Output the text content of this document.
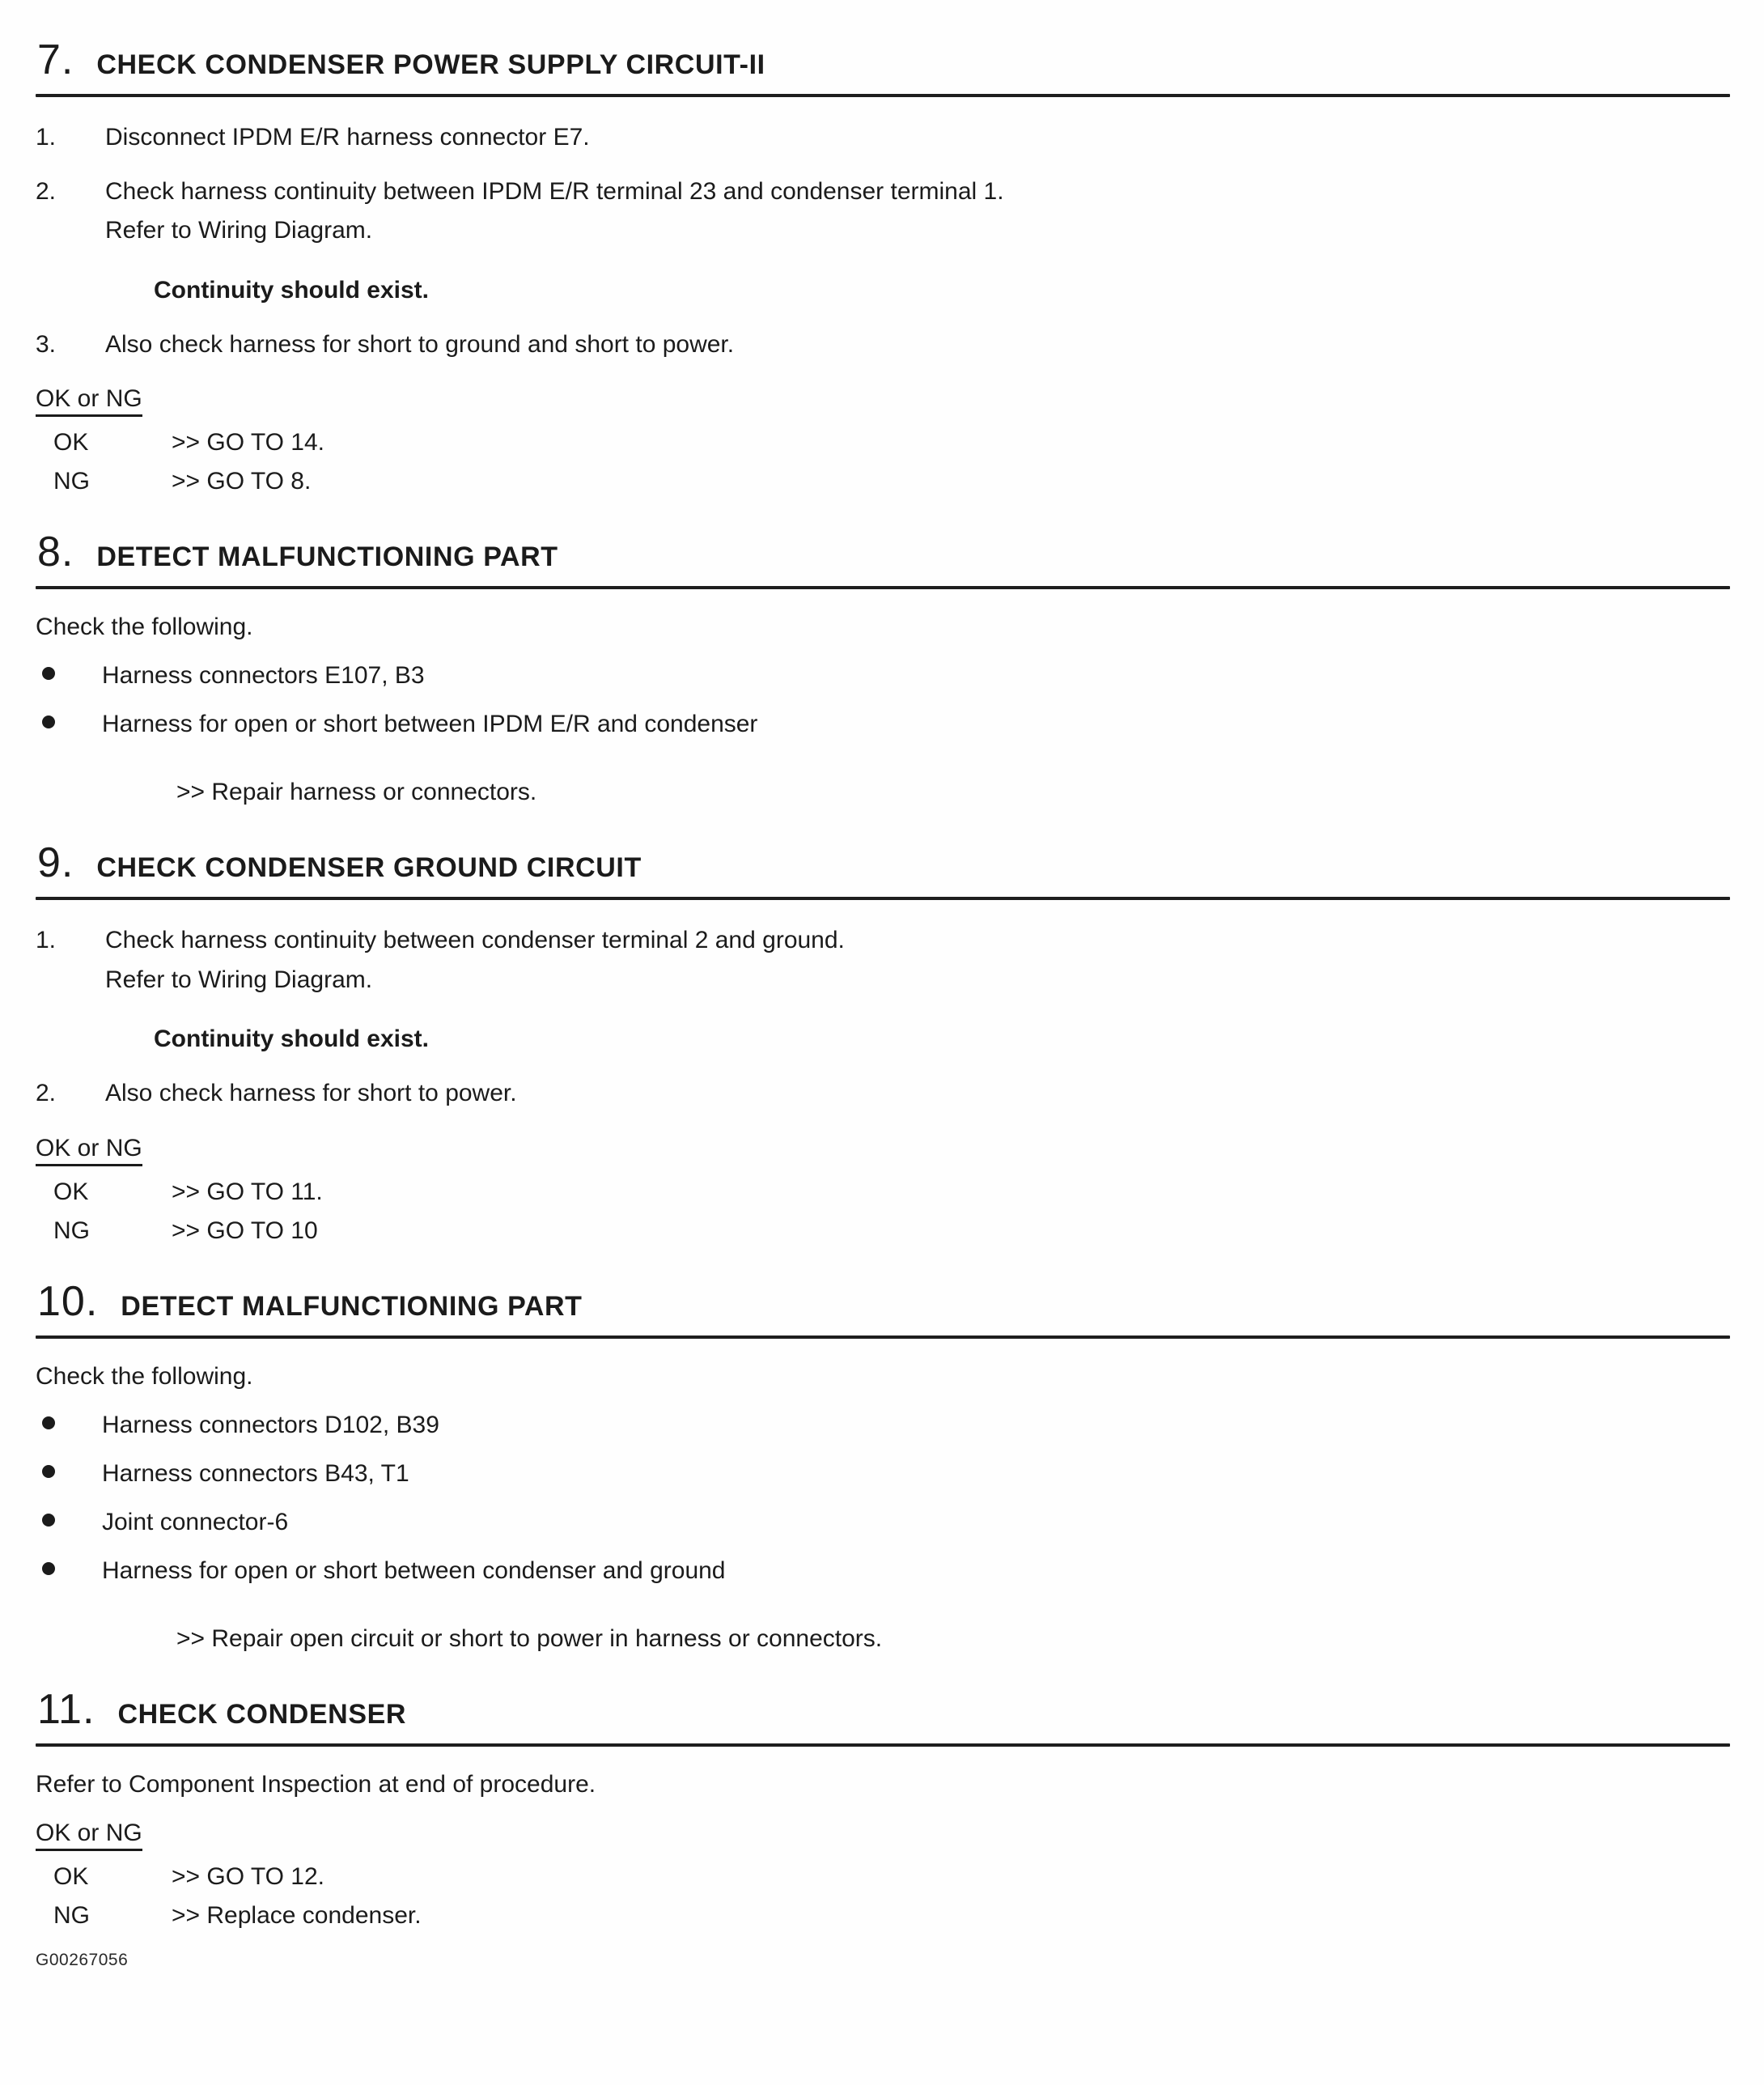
7. CHECK CONDENSER POWER SUPPLY CIRCUIT-II
1.	Disconnect IPDM E/R harness connector E7.
2.	Check harness continuity between IPDM E/R terminal 23 and condenser terminal 1.
Refer to Wiring Diagram.
Continuity should exist.
3.	Also check harness for short to ground and short to power.
OK or NG
OK	>> GO TO 14.
NG	>> GO TO 8.
8. DETECT MALFUNCTIONING PART
Check the following.
Harness connectors E107, B3
Harness for open or short between IPDM E/R and condenser
>> Repair harness or connectors.
9. CHECK CONDENSER GROUND CIRCUIT
1.	Check harness continuity between condenser terminal 2 and ground.
Refer to Wiring Diagram.
Continuity should exist.
2.	Also check harness for short to power.
OK or NG
OK	>> GO TO 11.
NG	>> GO TO 10
10. DETECT MALFUNCTIONING PART
Check the following.
Harness connectors D102, B39
Harness connectors B43, T1
Joint connector-6
Harness for open or short between condenser and ground
>> Repair open circuit or short to power in harness or connectors.
11. CHECK CONDENSER
Refer to Component Inspection at end of procedure.
OK or NG
OK	>> GO TO 12.
NG	>> Replace condenser.
G00267056
